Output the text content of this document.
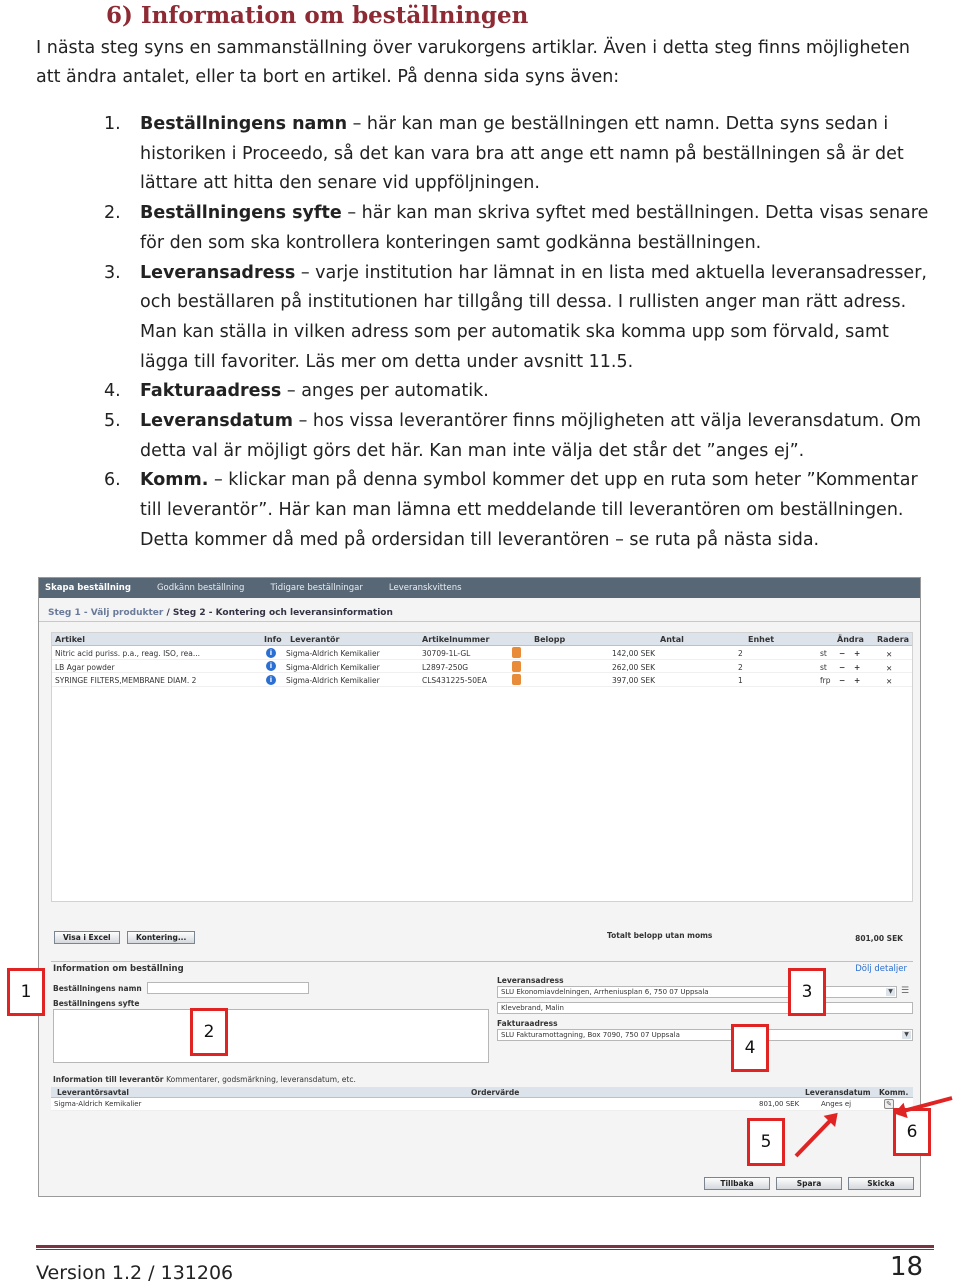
6) Information om beställningen

I nästa steg syns en sammanställning över varukorgens artiklar. Även i detta steg finns möjligheten att ändra antalet, eller ta bort en artikel. På denna sida syns även:

1. Beställningens namn – här kan man ge beställningen ett namn. Detta syns sedan i historiken i Proceedo, så det kan vara bra att ange ett namn på beställningen så är det lättare att hitta den senare vid uppföljningen.
2. Beställningens syfte – här kan man skriva syftet med beställningen. Detta visas senare för den som ska kontrollera konteringen samt godkänna beställningen.
3. Leveransadress – varje institution har lämnat in en lista med aktuella leveransadresser, och beställaren på institutionen har tillgång till dessa. I rullisten anger man rätt adress. Man kan ställa in vilken adress som per automatik ska komma upp som förvald, samt lägga till favoriter. Läs mer om detta under avsnitt 11.5.
4. Fakturaadress – anges per automatik.
5. Leveransdatum – hos vissa leverantörer finns möjligheten att välja leveransdatum. Om detta val är möjligt görs det här. Kan man inte välja det står det ”anges ej”.
6. Komm. – klickar man på denna symbol kommer det upp en ruta som heter ”Kommentar till leverantör”. Här kan man lämna ett meddelande till leverantören om beställningen. Detta kommer då med på ordersidan till leverantören – se ruta på nästa sida.
Skapa beställning	Godkänn beställning	Tidigare beställningar	Leveranskvittens
Steg 1 - Välj produkter / Steg 2 - Kontering och leveransinformation
Artikel	Info Leverantör	Artikelnummer	Belopp	Antal	Enhet	Ändra Radera
Nitric acid puriss. p.a., reag. ISO, rea...	i	Sigma-Aldrich Kemikalier	30709-1L-GL	142,00 SEK	2	st − +	✕
LB Agar powder	i	Sigma-Aldrich Kemikalier	L2897-250G	262,00 SEK	2	st − +	✕
SYRINGE FILTERS,MEMBRANE DIAM. 2	i	Sigma-Aldrich Kemikalier	CLS431225-50EA	397,00 SEK	1	frp − +	✕
Visa i Excel	Kontering...	Totalt belopp utan moms	801,00 SEK
Information om beställning	Dölj detaljer
Beställningens namn
Beställningens syfte
Leveransadress
SLU Ekonomiavdelningen, Arrheniusplan 6, 750 07 Uppsala	▼ ☰
Klevebrand, Malin
Fakturaadress
SLU Fakturamottagning, Box 7090, 750 07 Uppsala	▼
Information till leverantör Kommentarer, godsmärkning, leveransdatum, etc.
Leverantörsavtal	Ordervärde	Leveransdatum Komm.
Sigma-Aldrich Kemikalier	801,00 SEK	Anges ej	✎
Tillbaka	Spara	Skicka
1
2
3
4
5	6
Version 1.2 / 131206	18
